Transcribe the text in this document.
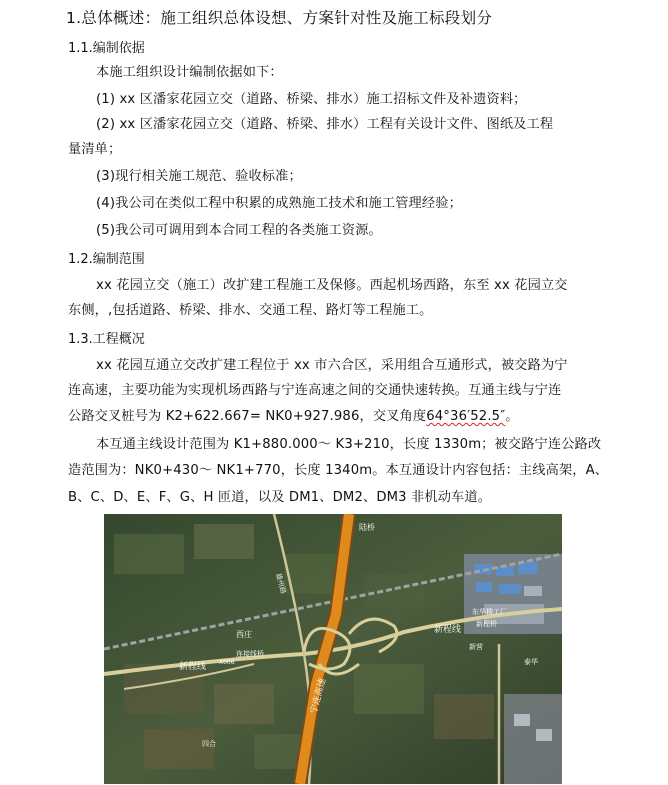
1.总体概述：施工组织总体设想、方案针对性及施工标段划分
1.1.编制依据
本施工组织设计编制依据如下：
(1) xx 区潘家花园立交（道路、桥梁、排水）施工招标文件及补遗资料；
(2) xx 区潘家花园立交（道路、桥梁、排水）工程有关设计文件、图纸及工程
量清单；
(3)现行相关施工规范、验收标准；
(4)我公司在类似工程中积累的成熟施工技术和施工管理经验；
(5)我公司可调用到本合同工程的各类施工资源。
1.2.编制范围
xx 花园立交（施工）改扩建工程施工及保修。西起机场西路，东至 xx 花园立交
东侧，,包括道路、桥梁、排水、交通工程、路灯等工程施工。
1.3.工程概况
xx 花园互通立交改扩建工程位于 xx 市六合区，采用组合互通形式，被交路为宁
连高速，主要功能为实现机场西路与宁连高速之间的交通快速转换。互通主线与宁连
公路交叉桩号为 K2+622.667= NK0+927.986，交叉角度64°36′52.5″。
本互通主线设计范围为 K1+880.000～ K3+210，长度 1330m；被交路宁连公路改
造范围为：NK0+430～ NK1+770，长度 1340m。本互通设计内容包括：主线高架，A、
B、C、D、E、F、G、H 匝道，以及 DM1、DM2、DM3 非机动车道。
陆桥
雄州路
新程线
新程线
西庄
连接线桥
X006
宁连高速
新程桥
东华精工厂
新营
泰华
四合
